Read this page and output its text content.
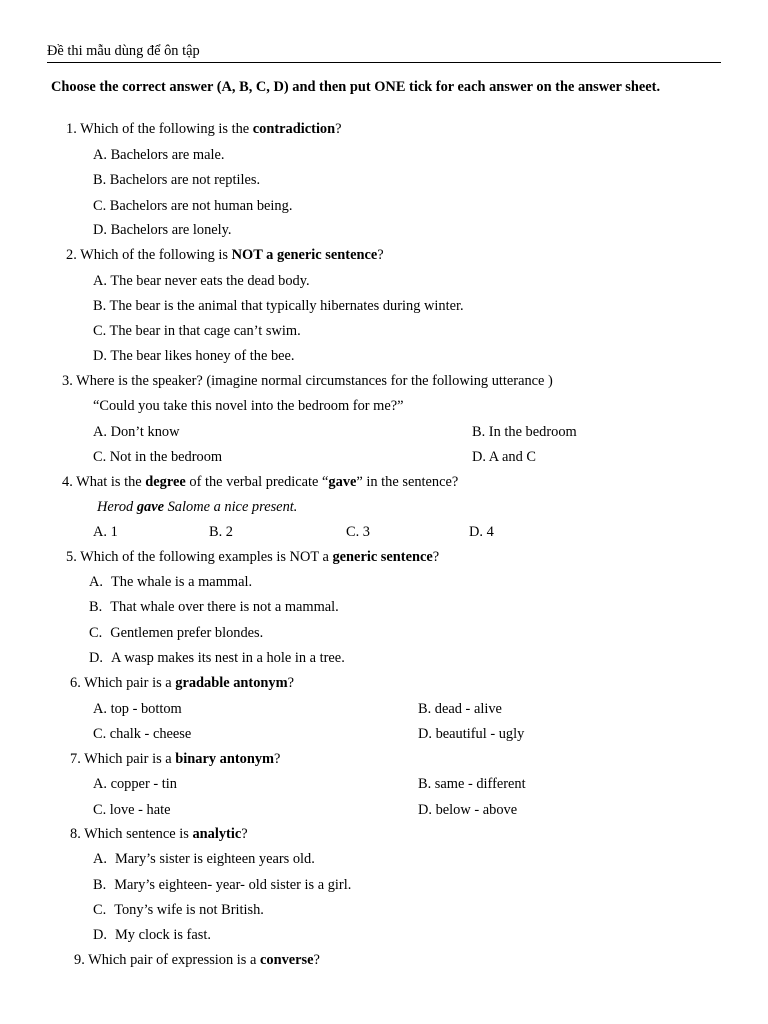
Đề thi mẫu dùng để ôn tập
Choose the correct answer (A, B, C, D) and then put ONE tick for each answer on the answer sheet.
1. Which of the following is the contradiction?
A. Bachelors are male.
B. Bachelors are not reptiles.
C. Bachelors are not human being.
D. Bachelors are lonely.
2. Which of the following is NOT a generic sentence?
A. The bear never eats the dead body.
B. The bear is the animal that typically hibernates during winter.
C. The bear in that cage can’t swim.
D. The bear likes honey of the bee.
3. Where is the speaker? (imagine normal circumstances for the following utterance )
“Could you take this novel into the bedroom for me?”
A. Don’t know	B. In the bedroom
C. Not in the bedroom	D. A and C
4. What is the degree of the verbal predicate “gave” in the sentence?
Herod gave Salome a nice present.
A. 1	B. 2	C. 3	D. 4
5. Which of the following examples is NOT a generic sentence?
A. The whale is a mammal.
B. That whale over there is not a mammal.
C. Gentlemen prefer blondes.
D. A wasp makes its nest in a hole in a tree.
6. Which pair is a gradable antonym?
A. top - bottom	B. dead - alive
C. chalk - cheese	D. beautiful - ugly
7. Which pair is a binary antonym?
A. copper - tin	B. same - different
C. love - hate	D. below - above
8. Which sentence is analytic?
A. Mary’s sister is eighteen years old.
B. Mary’s eighteen- year- old sister is a girl.
C. Tony’s wife is not British.
D. My clock is fast.
9. Which pair of expression is a converse?
